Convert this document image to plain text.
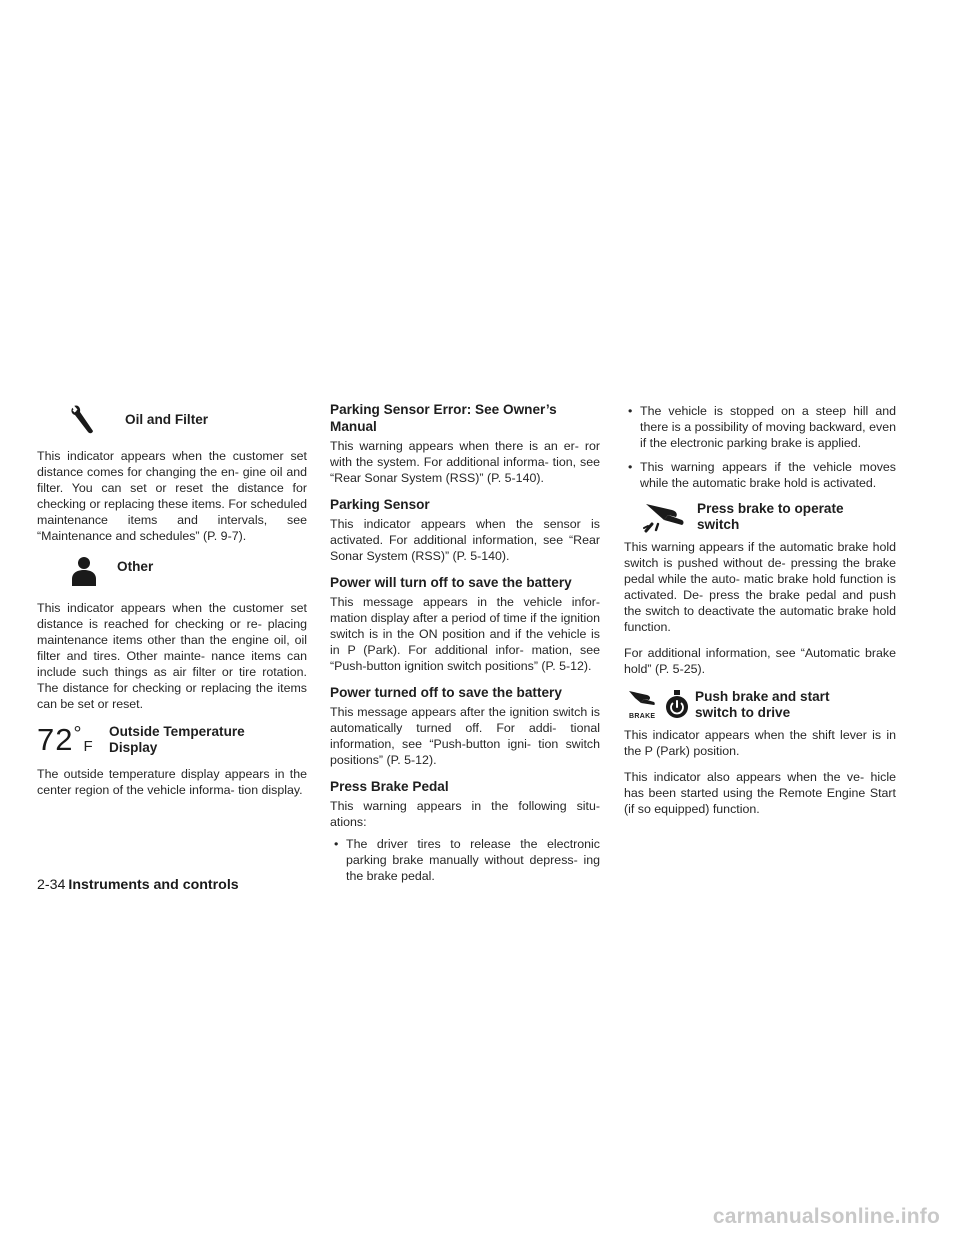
Oil and Filter

This indicator appears when the customer set distance comes for changing the en- gine oil and filter. You can set or reset the distance for checking or replacing these items. For scheduled maintenance items and intervals, see “Maintenance and schedules” (P. 9-7).

Other

This indicator appears when the customer set distance is reached for checking or re- placing maintenance items other than the engine oil, oil filter and tires. Other mainte- nance items can include such things as air filter or tire rotation. The distance for checking or replacing the items can be set or reset.

72 °
F
Outside Temperature Display

The outside temperature display appears in the center region of the vehicle informa- tion display.

Parking Sensor Error: See Owner’s Manual

This warning appears when there is an er- ror with the system. For additional informa- tion, see “Rear Sonar System (RSS)” (P. 5-140).

Parking Sensor

This indicator appears when the sensor is activated. For additional information, see “Rear Sonar System (RSS)” (P. 5-140).

Power will turn off to save the battery

This message appears in the vehicle infor- mation display after a period of time if the ignition switch is in the ON position and if the vehicle is in P (Park). For additional infor- mation, see “Push-button ignition switch positions” (P. 5-12).

Power turned off to save the battery

This message appears after the ignition switch is automatically turned off. For addi- tional information, see “Push-button igni- tion switch positions” (P. 5-12).

Press Brake Pedal

This warning appears in the following situ- ations:

• The driver tires to release the electronic parking brake manually without depress- ing the brake pedal.
• The vehicle is stopped on a steep hill and there is a possibility of moving backward, even if the electronic parking brake is applied.
• This warning appears if the vehicle moves while the automatic brake hold is activated.
Press brake to operate switch

This warning appears if the automatic brake hold switch is pushed without de- pressing the brake pedal while the auto- matic brake hold function is activated. De- press the brake pedal and push the switch to deactivate the automatic brake hold function.

For additional information, see “Automatic brake hold” (P. 5-25).

BRAKE
Push brake and start switch to drive

This indicator appears when the shift lever is in the P (Park) position.

This indicator also appears when the ve- hicle has been started using the Remote Engine Start (if so equipped) function.

2-34 Instruments and controls
carmanualsonline.info
